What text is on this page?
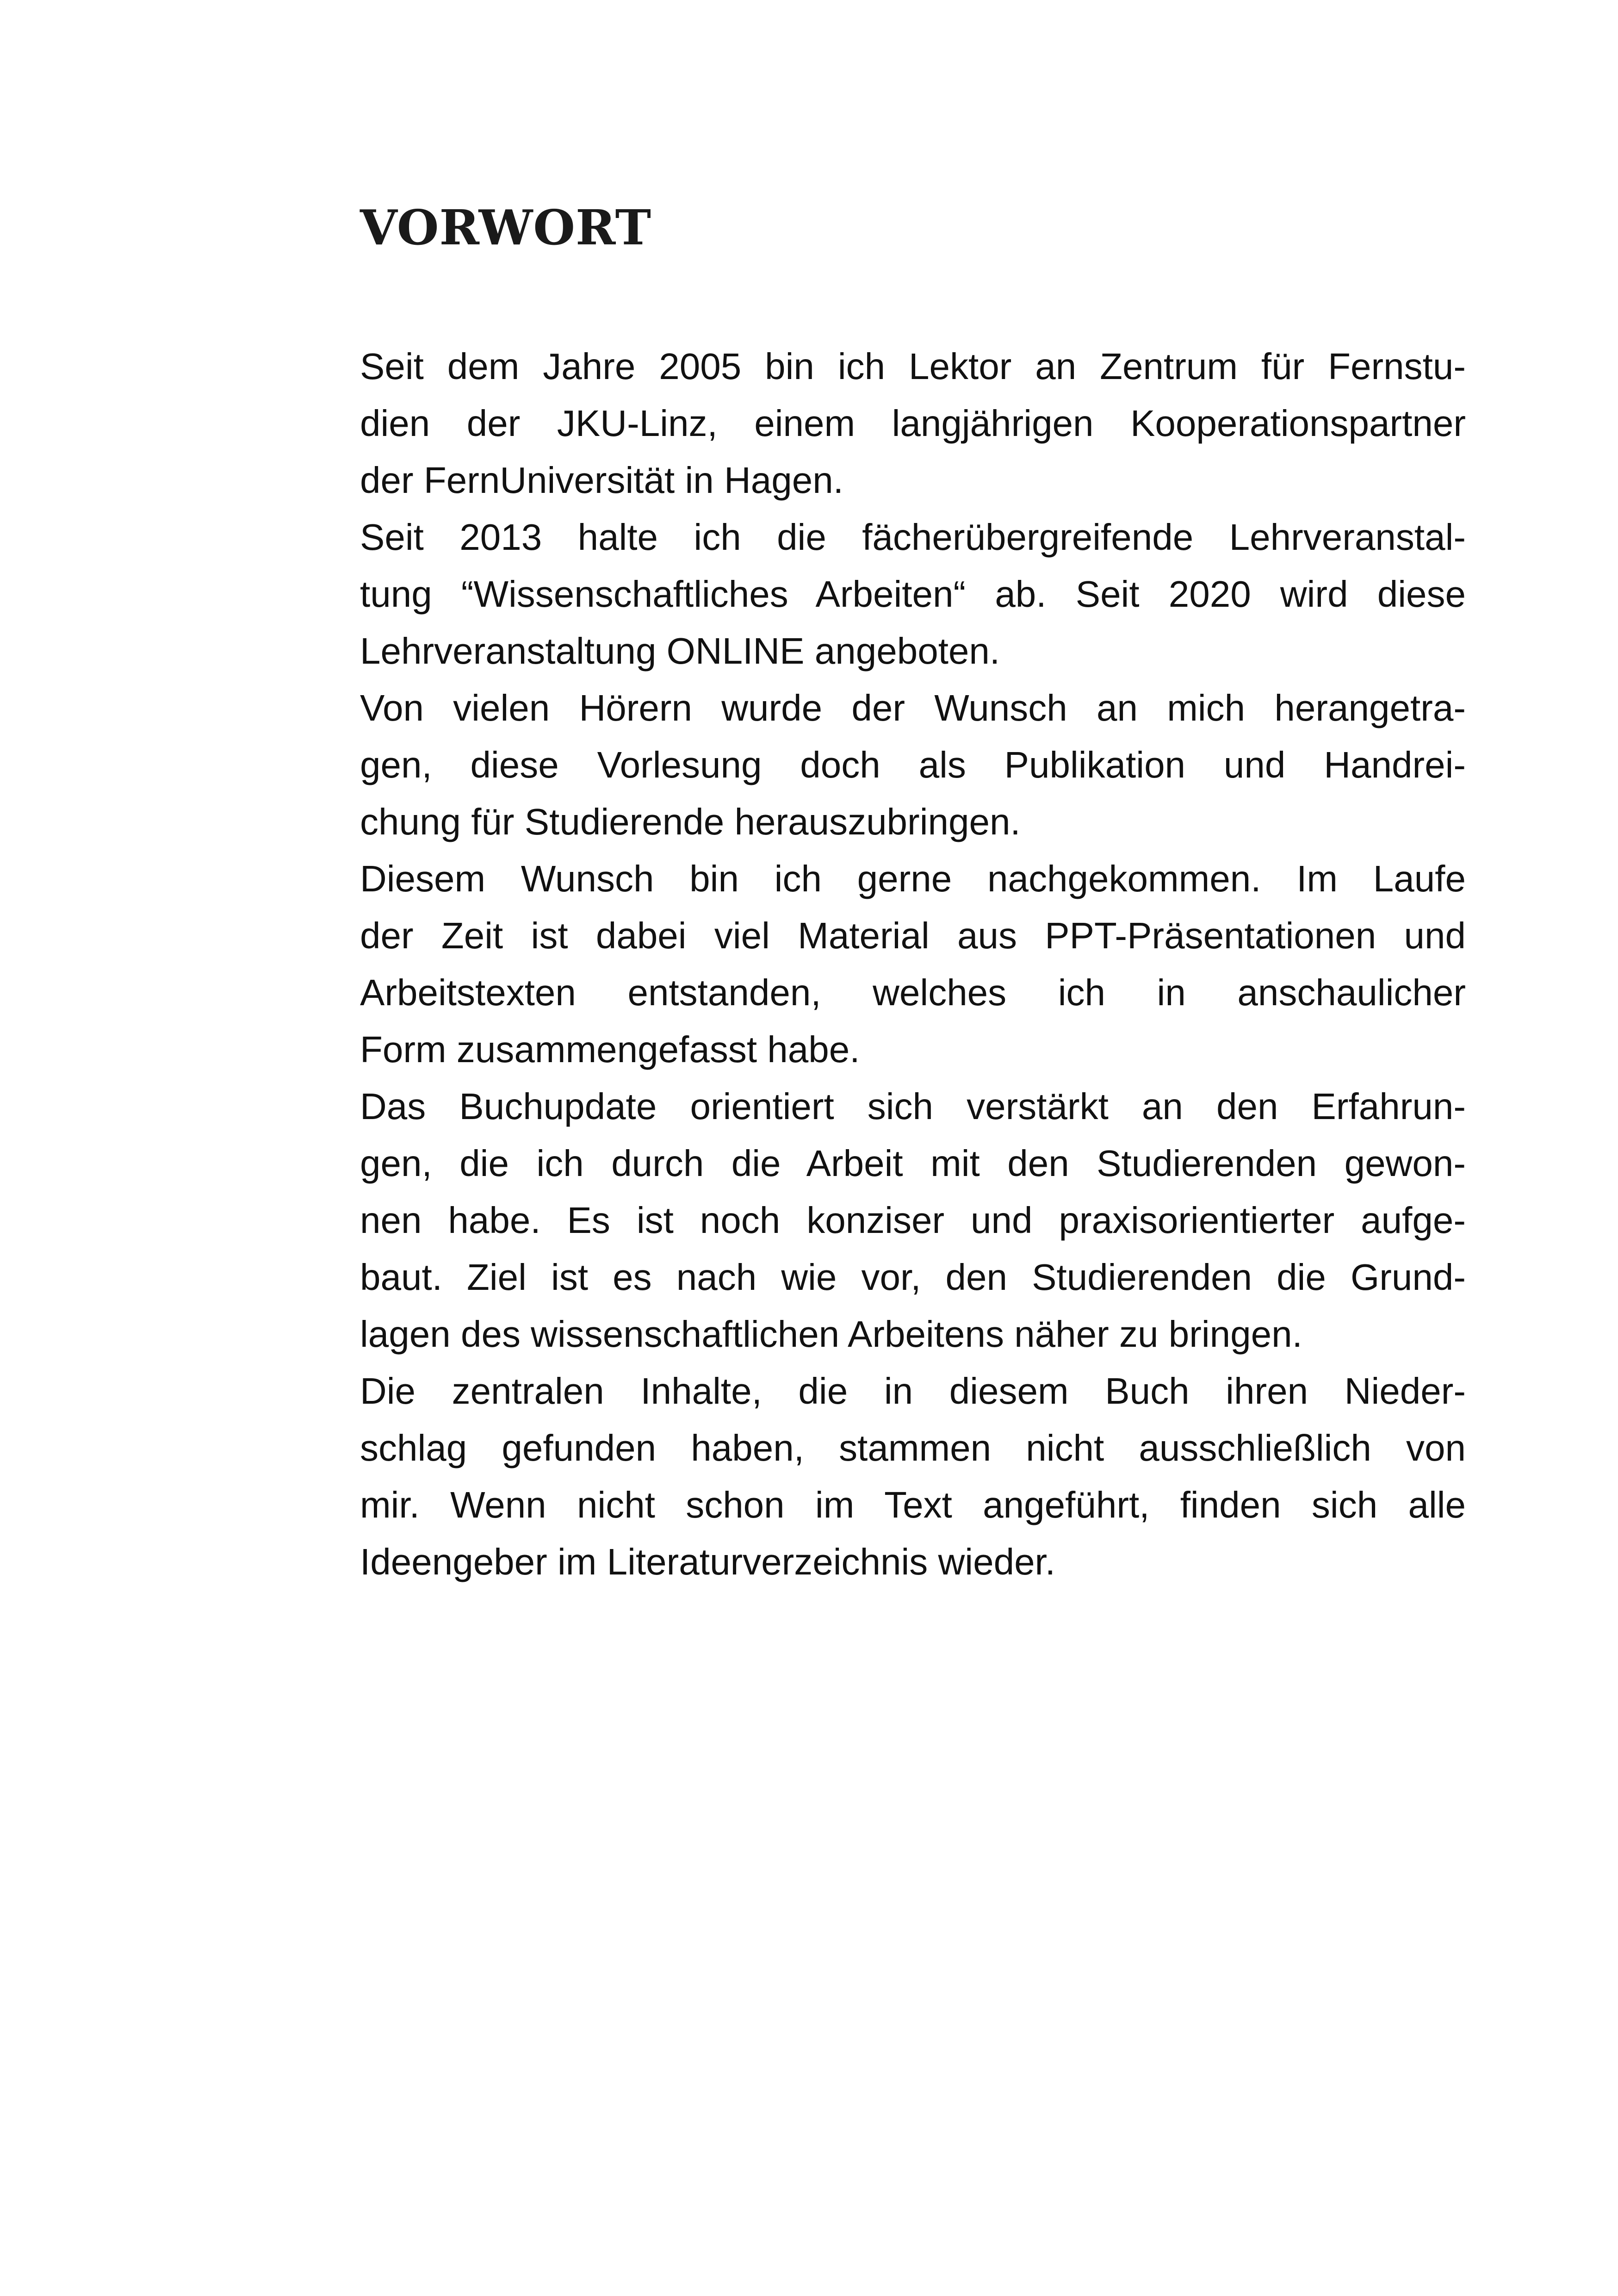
VORWORT
Seit dem Jahre 2005 bin ich Lektor an Zentrum für Fernstu-
dien der JKU-Linz, einem langjährigen Kooperationspartner
der FernUniversität in Hagen.
Seit 2013 halte ich die fächerübergreifende Lehrveranstal-
tung “Wissenschaftliches Arbeiten“ ab. Seit 2020 wird diese
Lehrveranstaltung ONLINE angeboten.
Von vielen Hörern wurde der Wunsch an mich herangetra-
gen, diese Vorlesung doch als Publikation und Handrei-
chung für Studierende herauszubringen.
Diesem Wunsch bin ich gerne nachgekommen. Im Laufe
der Zeit ist dabei viel Material aus PPT-Präsentationen und
Arbeitstexten entstanden, welches ich in anschaulicher
Form zusammengefasst habe.
Das Buchupdate orientiert sich verstärkt an den Erfahrun-
gen, die ich durch die Arbeit mit den Studierenden gewon-
nen habe. Es ist noch konziser und praxisorientierter aufge-
baut. Ziel ist es nach wie vor, den Studierenden die Grund-
lagen des wissenschaftlichen Arbeitens näher zu bringen.
Die zentralen Inhalte, die in diesem Buch ihren Nieder-
schlag gefunden haben, stammen nicht ausschließlich von
mir. Wenn nicht schon im Text angeführt, finden sich alle
Ideengeber im Literaturverzeichnis wieder.
